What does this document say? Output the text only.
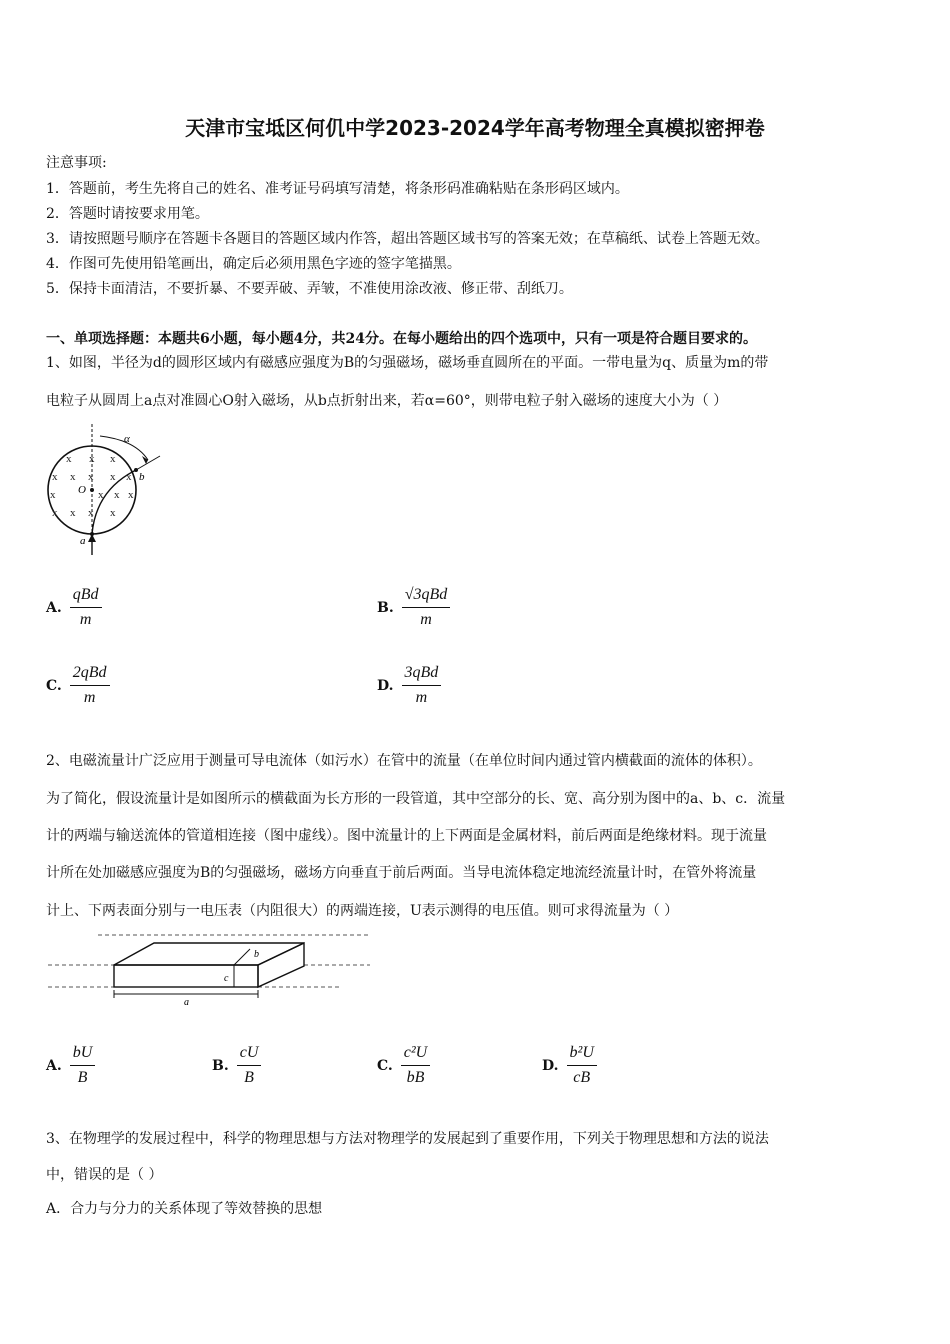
天津市宝坻区何仉中学2023-2024学年高考物理全真模拟密押卷
注意事项:
1．答题前，考生先将自己的姓名、准考证号码填写清楚，将条形码准确粘贴在条形码区域内。
2．答题时请按要求用笔。
3．请按照题号顺序在答题卡各题目的答题区域内作答，超出答题区域书写的答案无效；在草稿纸、试卷上答题无效。
4．作图可先使用铅笔画出，确定后必须用黑色字迹的签字笔描黑。
5．保持卡面清洁，不要折暴、不要弄破、弄皱，不准使用涂改液、修正带、刮纸刀。
一、单项选择题：本题共6小题，每小题4分，共24分。在每小题给出的四个选项中，只有一项是符合题目要求的。
1、如图，半径为d的圆形区域内有磁感应强度为B的匀强磁场，磁场垂直圆所在的平面。一带电量为q、质量为m的带
电粒子从圆周上a点对准圆心O射入磁场，从b点折射出来，若α=60°，则带电粒子射入磁场的速度大小为（ ）
α
b
O
a
x x x
x x x x x
x	x x x
x x x x
A. $\frac{\text{qBd}}{m}$	B. $\frac{\text{√3qBd}}{m}$
C. $\frac{\text{2qBd}}{m}$	D. $\frac{\text{3qBd}}{m}$
2、电磁流量计广泛应用于测量可导电流体（如污水）在管中的流量（在单位时间内通过管内横截面的流体的体积）。
为了简化，假设流量计是如图所示的横截面为长方形的一段管道，其中空部分的长、宽、高分别为图中的a、b、c．流量
计的两端与输送流体的管道相连接（图中虚线）。图中流量计的上下两面是金属材料，前后两面是绝缘材料。现于流量
计所在处加磁感应强度为B的匀强磁场，磁场方向垂直于前后两面。当导电流体稳定地流经流量计时，在管外将流量
计上、下两表面分别与一电压表（内阻很大）的两端连接，U表示测得的电压值。则可求得流量为（ ）
b
c
a
A. $\frac{bU}{B}$	B. $\frac{cU}{B}$	C. $\frac{\text{c²U}}{bB}$	D. $\frac{\text{b²U}}{cB}$
3、在物理学的发展过程中，科学的物理思想与方法对物理学的发展起到了重要作用，下列关于物理思想和方法的说法
中，错误的是（ ）
A．合力与分力的关系体现了等效替换的思想
